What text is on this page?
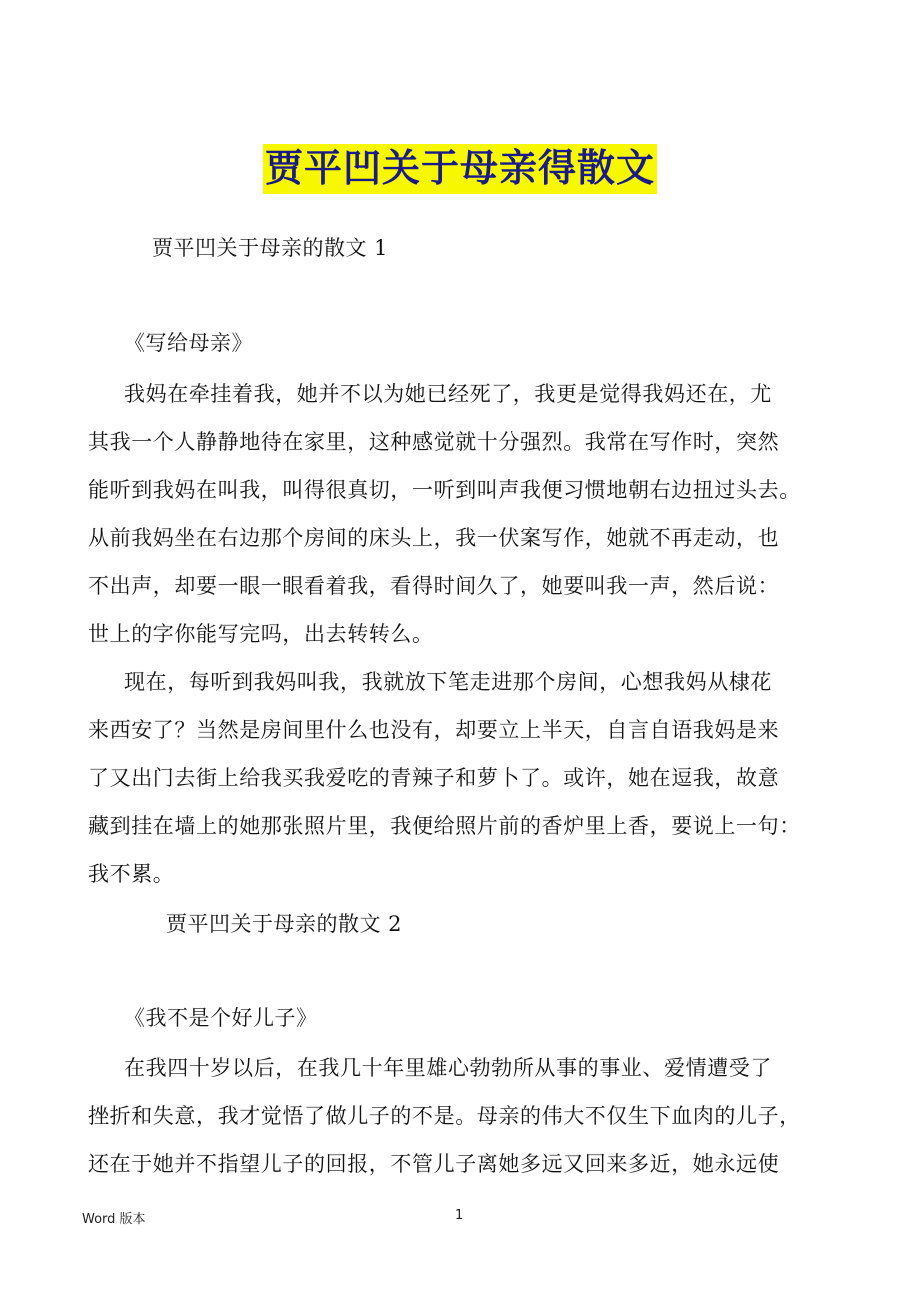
贾平凹关于母亲得散文
贾平凹关于母亲的散文 1
《写给母亲》
我妈在牵挂着我，她并不以为她已经死了，我更是觉得我妈还在，尤
其我一个人静静地待在家里，这种感觉就十分强烈。我常在写作时，突然
能听到我妈在叫我，叫得很真切，一听到叫声我便习惯地朝右边扭过头去。
从前我妈坐在右边那个房间的床头上，我一伏案写作，她就不再走动，也
不出声，却要一眼一眼看着我，看得时间久了，她要叫我一声，然后说：
世上的字你能写完吗，出去转转么。
现在，每听到我妈叫我，我就放下笔走进那个房间，心想我妈从棣花
来西安了？当然是房间里什么也没有，却要立上半天，自言自语我妈是来
了又出门去街上给我买我爱吃的青辣子和萝卜了。或许，她在逗我，故意
藏到挂在墙上的她那张照片里，我便给照片前的香炉里上香，要说上一句：
我不累。
贾平凹关于母亲的散文 2
《我不是个好儿子》
在我四十岁以后，在我几十年里雄心勃勃所从事的事业、爱情遭受了
挫折和失意，我才觉悟了做儿子的不是。母亲的伟大不仅生下血肉的儿子，
还在于她并不指望儿子的回报，不管儿子离她多远又回来多近，她永远使
Word 版本	1
